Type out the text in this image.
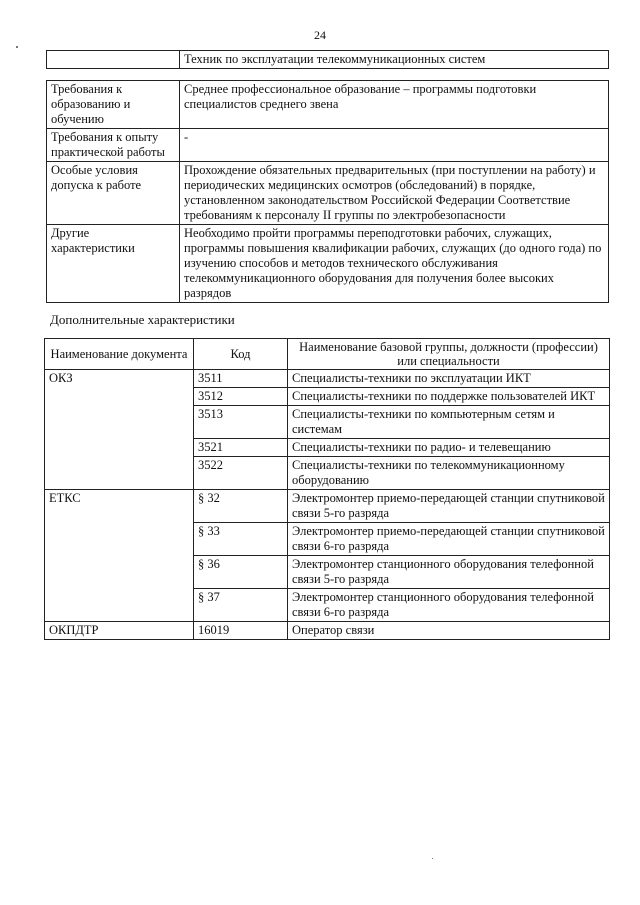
24
	Техник по эксплуатации телекоммуникационных систем
Требования к образованию и обучению	Среднее профессиональное образование – программы подготовки специалистов среднего звена
Требования к опыту практической работы	-
Особые условия допуска к работе	Прохождение обязательных предварительных (при поступлении на работу) и периодических медицинских осмотров (обследований) в порядке, установленном законодательством Российской Федерации Соответствие требованиям к персоналу II группы по электробезопасности
Другие характеристики	Необходимо пройти программы переподготовки рабочих, служащих, программы повышения квалификации рабочих, служащих (до одного года) по изучению способов и методов технического обслуживания телекоммуникационного оборудования для получения более высоких разрядов
Дополнительные характеристики
Наименование документа	Код	Наименование базовой группы, должности (профессии) или специальности
ОКЗ	3511	Специалисты-техники по эксплуатации ИКТ
	3512	Специалисты-техники по поддержке пользователей ИКТ
	3513	Специалисты-техники по компьютерным сетям и системам
	3521	Специалисты-техники по радио- и телевещанию
	3522	Специалисты-техники по телекоммуникационному оборудованию
ЕТКС	§ 32	Электромонтер приемо-передающей станции спутниковой связи 5-го разряда
	§ 33	Электромонтер приемо-передающей станции спутниковой связи 6-го разряда
	§ 36	Электромонтер станционного оборудования телефонной связи 5-го разряда
	§ 37	Электромонтер станционного оборудования телефонной связи 6-го разряда
ОКПДТР	16019	Оператор связи
